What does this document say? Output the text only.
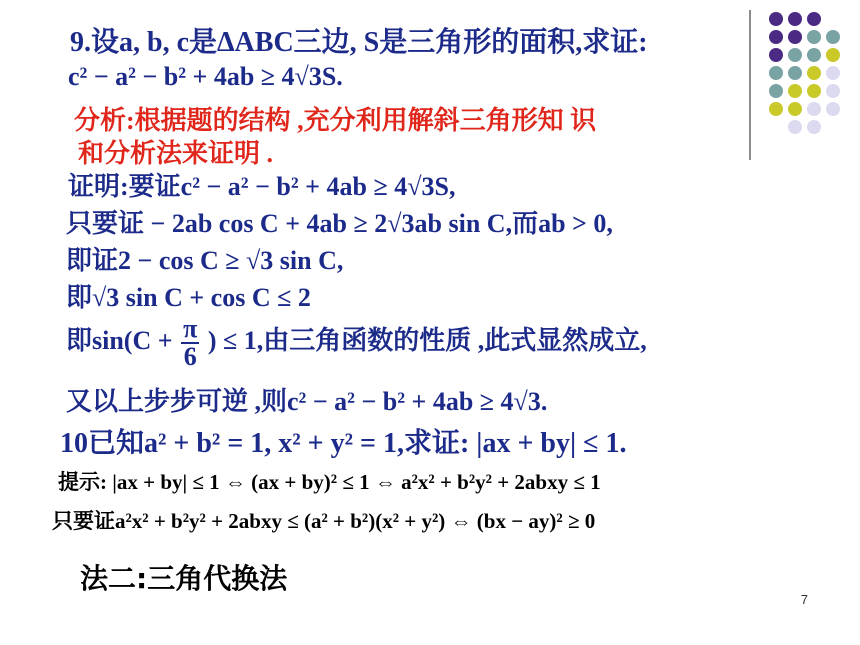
9.设a, b, c是ΔABC三边, S是三角形的面积,求证:
c² − a² − b² + 4ab ≥ 4√3S.
分析:根据题的结构 ,充分利用解斜三角形知 识
和分析法来证明 .
证明:要证c² − a² − b² + 4ab ≥ 4√3S,
只要证 − 2ab cos C + 4ab ≥ 2√3ab sin C,而ab > 0,
即证2 − cos C ≥ √3 sin C,
即√3 sin C + cos C ≤ 2
即$\sin(C + \frac{\pi}{6}$ ) ≤ 1,由三角函数的性质 ,此式显然成立,
又以上步步可逆 ,则c² − a² − b² + 4ab ≥ 4√3.
10已知a² + b² = 1, x² + y² = 1,求证: |ax + by| ≤ 1.
提示: |ax + by| ≤ 1 ⇔ (ax + by)² ≤ 1 ⇔ a²x² + b²y² + 2abxy ≤ 1
只要证a²x² + b²y² + 2abxy ≤ (a² + b²)(x² + y²) ⇔ (bx − ay)² ≥ 0
法二:三角代换法
7
